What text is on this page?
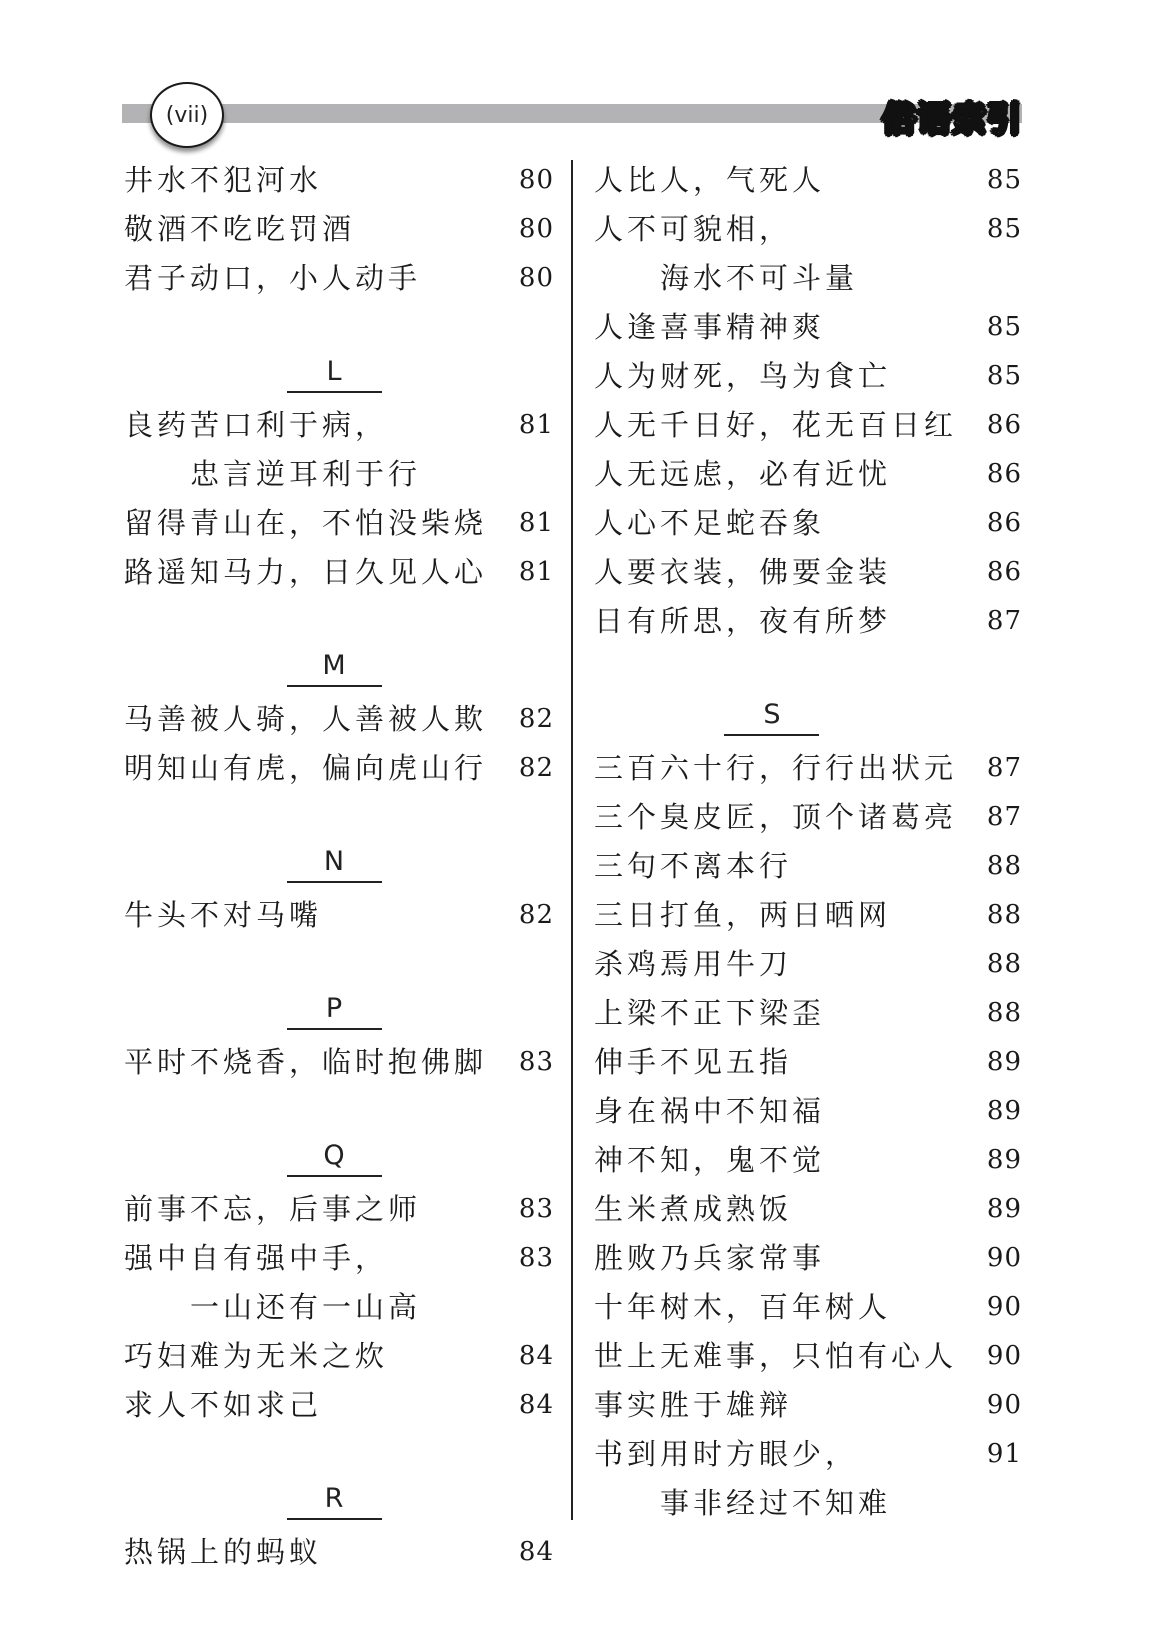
(vii)	俗语索引
井水不犯河水	80
敬酒不吃吃罚酒	80
君子动口，小人动手	80
L
良药苦口利于病，	81
忠言逆耳利于行
留得青山在，不怕没柴烧 81
路遥知马力，日久见人心 81
M
马善被人骑，人善被人欺 82
明知山有虎，偏向虎山行 82
N
牛头不对马嘴	82
P
平时不烧香，临时抱佛脚 83
Q
前事不忘，后事之师	83
强中自有强中手，	83
一山还有一山高
巧妇难为无米之炊	84
求人不如求己	84
R
热锅上的蚂蚁	84
人比人，气死人	85
人不可貌相，	85
海水不可斗量
人逢喜事精神爽	85
人为财死，鸟为食亡	85
人无千日好，花无百日红 86
人无远虑，必有近忧	86
人心不足蛇吞象	86
人要衣装，佛要金装	86
日有所思，夜有所梦	87
S
三百六十行，行行出状元 87
三个臭皮匠，顶个诸葛亮 87
三句不离本行	88
三日打鱼，两日晒网	88
杀鸡焉用牛刀	88
上梁不正下梁歪	88
伸手不见五指	89
身在祸中不知福	89
神不知，鬼不觉	89
生米煮成熟饭	89
胜败乃兵家常事	90
十年树木，百年树人	90
世上无难事，只怕有心人 90
事实胜于雄辩	90
书到用时方眼少，	91
事非经过不知难
